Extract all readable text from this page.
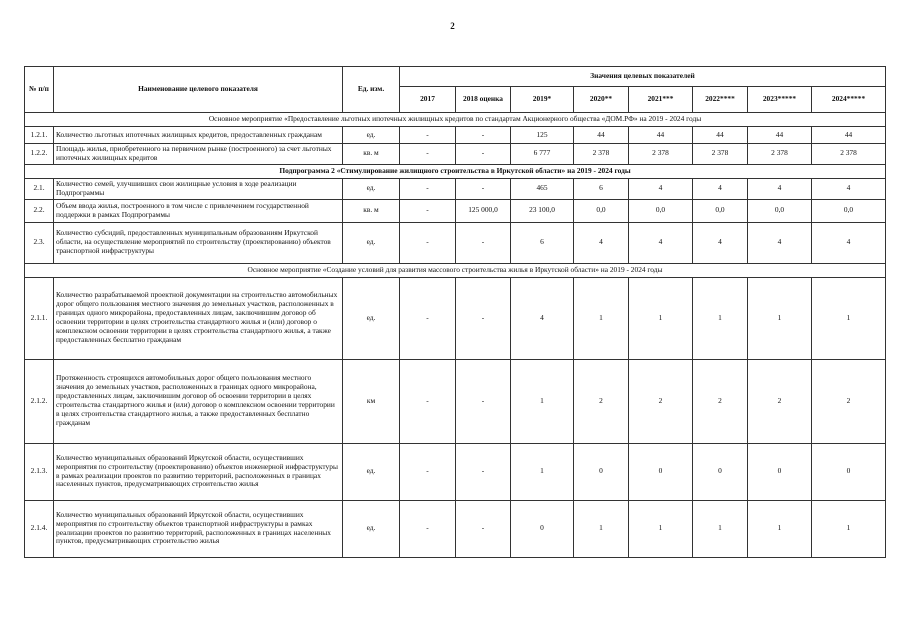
2
№ п/п	Наименование целевого показателя	Ед. изм.	Значения целевых показателей							
			2017	2018 оценка	2019*	2020**	2021***	2022****	2023*****	2024*****
Основное мероприятие «Предоставление льготных ипотечных жилищных кредитов по стандартам Акционерного общества «ДОМ.РФ» на 2019 - 2024 годы										
1.2.1.	Количество льготных ипотечных жилищных кредитов, предоставленных гражданам	ед.	-	-	125	44	44	44	44	44
1.2.2.	Площадь жилья, приобретенного на первичном рынке (построенного) за счет льготных ипотечных жилищных кредитов	кв. м	-	-	6 777	2 378	2 378	2 378	2 378	2 378
Подпрограмма 2 «Стимулирование жилищного строительства в Иркутской области» на 2019 - 2024 годы										
2.1.	Количество семей, улучшивших свои жилищные условия в ходе реализации Подпрограммы	ед.	-	-	465	6	4	4	4	4
2.2.	Объем ввода жилья, построенного в том числе с привлечением государственной поддержки в рамках Подпрограммы	кв. м	-	125 000,0	23 100,0	0,0	0,0	0,0	0,0	0,0
2.3.	Количество субсидий, предоставленных муниципальным образованиям Иркутской области, на осуществление мероприятий по строительству (проектированию) объектов транспортной инфраструктуры	ед.	-	-	6	4	4	4	4	4
Основное мероприятие «Создание условий для развития массового строительства жилья в Иркутской области» на 2019 - 2024 годы										
2.1.1.	Количество разрабатываемой проектной документации на строительство автомобильных дорог общего пользования местного значения до земельных участков, расположенных в границах одного микрорайона, предоставленных лицам, заключившим договор об освоении территории в целях строительства стандартного жилья и (или) договор о комплексном освоении территории в целях строительства стандартного жилья, а также предоставленных бесплатно гражданам	ед.	-	-	4	1	1	1	1	1
2.1.2.	Протяженность строящихся автомобильных дорог общего пользования местного значения до земельных участков, расположенных в границах одного микрорайона, предоставленных лицам, заключившим договор об освоении территории в целях строительства стандартного жилья и (или) договор о комплексном освоении территории в целях строительства стандартного жилья, а также предоставленных бесплатно гражданам	км	-	-	1	2	2	2	2	2
2.1.3.	Количество муниципальных образований Иркутской области, осуществивших мероприятия по строительству (проектированию) объектов инженерной инфраструктуры в рамках реализации проектов по развитию территорий, расположенных в границах населенных пунктов, предусматривающих строительство жилья	ед.	-	-	1	0	0	0	0	0
2.1.4.	Количество муниципальных образований Иркутской области, осуществивших мероприятия по строительству объектов транспортной инфраструктуры в рамках реализации проектов по развитию территорий, расположенных в границах населенных пунктов, предусматривающих строительство жилья	ед.	-	-	0	1	1	1	1	1
